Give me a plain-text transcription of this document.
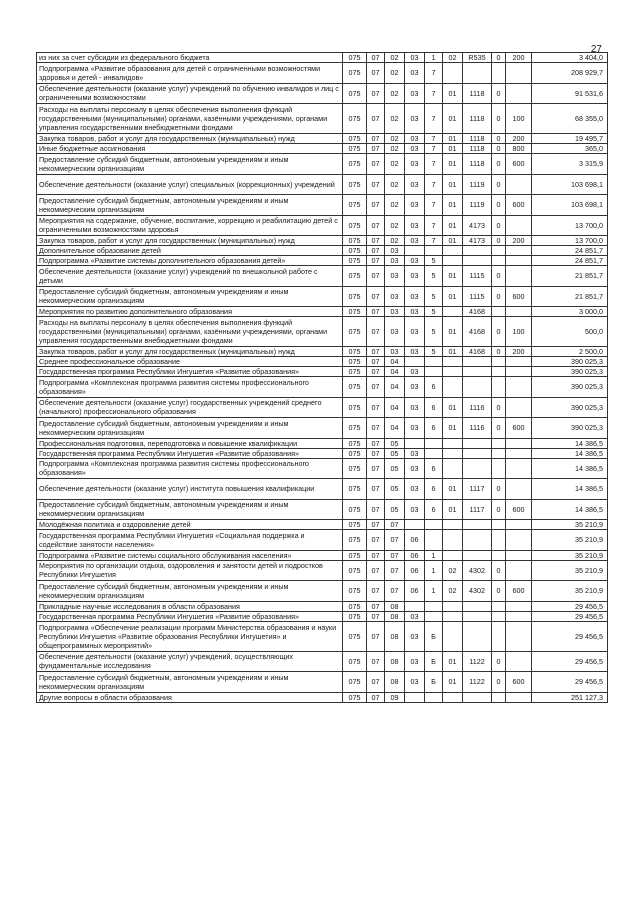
27
из них за счет субсидии из федерального бюджета	075	07	02	03	1	02	R535	0	200	3 404,0
Подпрограмма «Развитие образования для детей с ограниченными возможностями здоровья и детей - инвалидов»	075	07	02	03	7					208 929,7
Обеспечение деятельности (оказание услуг) учреждений по обучению инвалидов и лиц с ограниченными возможностями	075	07	02	03	7	01	1118	0		91 531,6
Расходы на выплаты персоналу в целях обеспечения выполнения функций государственными (муниципальными) органами, казёнными учреждениями, органами управления государственными внебюджетными фондами	075	07	02	03	7	01	1118	0	100	68 355,0
Закупка товаров, работ и услуг для государственных (муниципальных) нужд	075	07	02	03	7	01	1118	0	200	19 495,7
Иные бюджетные ассигнования	075	07	02	03	7	01	1118	0	800	365,0
Предоставление субсидий бюджетным, автономным учреждениям и иным некоммерческим организациям	075	07	02	03	7	01	1118	0	600	3 315,9
Обеспечение деятельности (оказание услуг) специальных (коррекционных) учреждений	075	07	02	03	7	01	1119	0		103 698,1
Предоставление субсидий бюджетным, автономным учреждениям и иным некоммерческим организациям	075	07	02	03	7	01	1119	0	600	103 698,1
Мероприятия на содержание, обучение, воспитание, коррекцию и реабилитацию детей с ограниченными возможностями здоровья	075	07	02	03	7	01	4173	0		13 700,0
Закупка товаров, работ и услуг для государственных (муниципальных) нужд	075	07	02	03	7	01	4173	0	200	13 700,0
Дополнительное образование детей	075	07	03							24 851,7
Подпрограмма «Развитие системы дополнительного образования детей»	075	07	03	03	5					24 851,7
Обеспечение деятельности (оказание услуг) учреждений по внешкольной работе с детьми	075	07	03	03	5	01	1115	0		21 851,7
Предоставление субсидий бюджетным, автономным учреждениям и иным некоммерческим организациям	075	07	03	03	5	01	1115	0	600	21 851,7
Мероприятия по развитию дополнительного образования	075	07	03	03	5		4168			3 000,0
Расходы на выплаты персоналу в целях обеспечения выполнения функций государственными (муниципальными) органами, казёнными учреждениями, органами управления государственными внебюджетными фондами	075	07	03	03	5	01	4168	0	100	500,0
Закупка товаров, работ и услуг для государственных (муниципальных) нужд	075	07	03	03	5	01	4168	0	200	2 500,0
Среднее профессиональное образование	075	07	04							390 025,3
Государственная программа Республики Ингушетия «Развитие образования»	075	07	04	03						390 025,3
Подпрограмма «Комплексная программа развития системы профессионального образования»	075	07	04	03	6					390 025,3
Обеспечение деятельности (оказание услуг) государственных учреждений среднего (начального) профессионального образования	075	07	04	03	6	01	1116	0		390 025,3
Предоставление субсидий бюджетным, автономным учреждениям и иным некоммерческим организациям	075	07	04	03	6	01	1116	0	600	390 025,3
Профессиональная подготовка, переподготовка и повышение квалификации	075	07	05							14 386,5
Государственная программа Республики Ингушетия «Развитие образования»	075	07	05	03						14 386,5
Подпрограмма «Комплексная программа развития системы профессионального образования»	075	07	05	03	6					14 386,5
Обеспечение деятельности (оказание услуг) института повышения квалификации	075	07	05	03	6	01	1117	0		14 386,5
Предоставление субсидий бюджетным, автономным учреждениям и иным некоммерческим организациям	075	07	05	03	6	01	1117	0	600	14 386,5
Молодёжная политика и оздоровление детей	075	07	07							35 210,9
Государственная программа Республики Ингушетия «Социальная поддержка и содействие занятости населения»	075	07	07	06						35 210,9
Подпрограмма «Развитие системы социального обслуживания населения»	075	07	07	06	1					35 210,9
Мероприятия по организации отдыха, оздоровления и занятости детей и подростков Республики Ингушетия	075	07	07	06	1	02	4302	0		35 210,9
Предоставление субсидий бюджетным, автономным учреждениям и иным некоммерческим организациям	075	07	07	06	1	02	4302	0	600	35 210,9
Прикладные научные исследования в области образования	075	07	08							29 456,5
Государственная программа Республики Ингушетия «Развитие образования»	075	07	08	03						29 456,5
Подпрограмма «Обеспечение реализации программ Министерства образования и науки Республики Ингушетия «Развитие образования Республики Ингушетия» и общепрограммных мероприятий»	075	07	08	03	Б					29 456,5
Обеспечение деятельности (оказание услуг) учреждений, осуществляющих фундаментальные исследования	075	07	08	03	Б	01	1122	0		29 456,5
Предоставление субсидий бюджетным, автономным учреждениям и иным некоммерческим организациям	075	07	08	03	Б	01	1122	0	600	29 456,5
Другие вопросы в области образования	075	07	09							251 127,3
